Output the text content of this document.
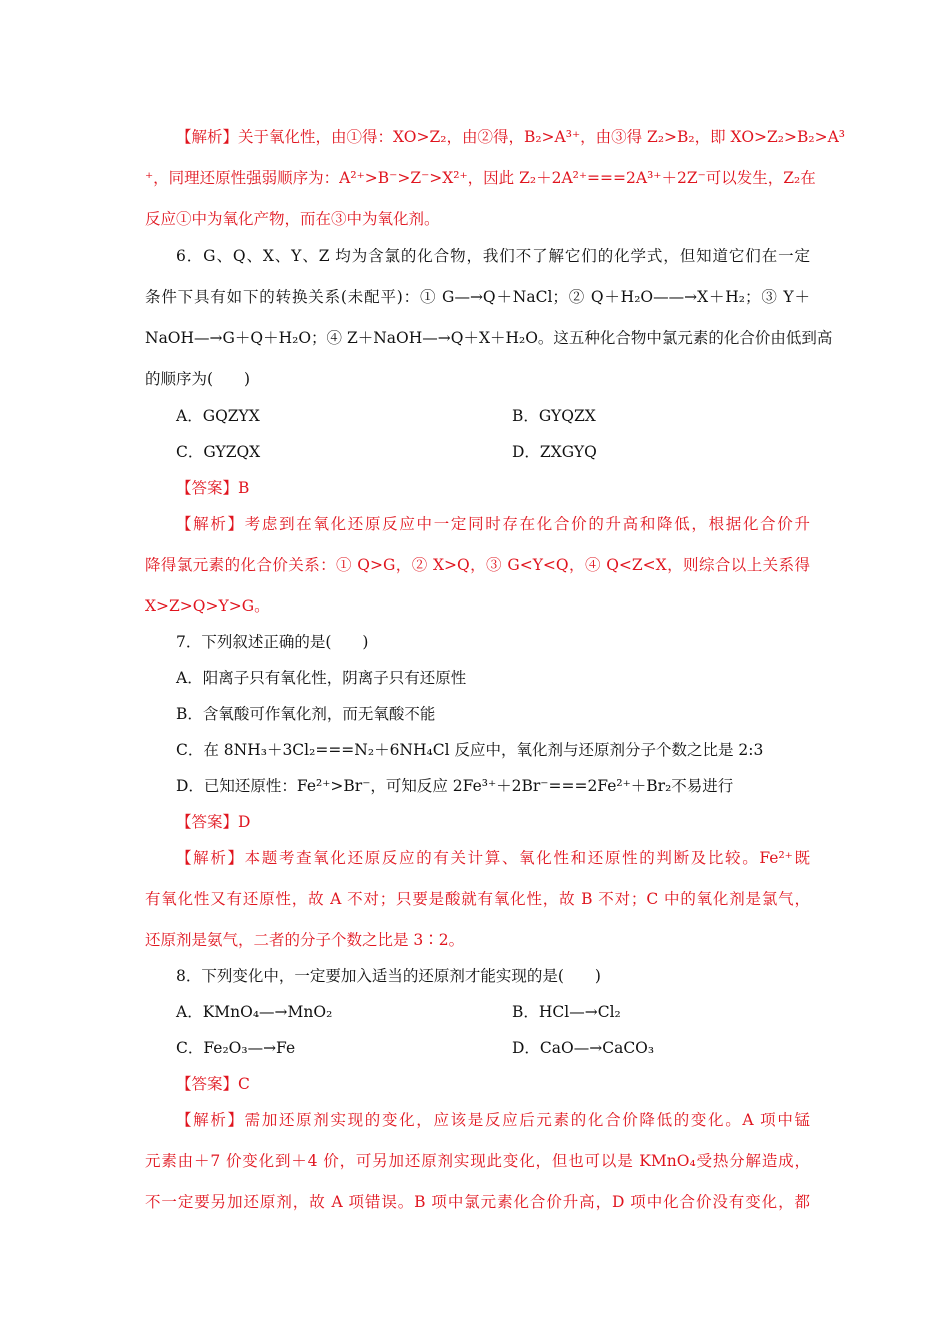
【解析】关于氧化性，由①得：XO>Z₂，由②得，B₂>A³⁺，由③得 Z₂>B₂，即 XO>Z₂>B₂>A³
⁺，同理还原性强弱顺序为：A²⁺>B⁻>Z⁻>X²⁺，因此 Z₂＋2A²⁺===2A³⁺＋2Z⁻可以发生，Z₂在
反应①中为氧化产物，而在③中为氧化剂。
6．G、Q、X、Y、Z 均为含氯的化合物，我们不了解它们的化学式，但知道它们在一定
条件下具有如下的转换关系(未配平)：① G—→Q＋NaCl；② Q＋H₂O——→X＋H₂；③ Y＋
NaOH—→G＋Q＋H₂O；④ Z＋NaOH—→Q＋X＋H₂O。这五种化合物中氯元素的化合价由低到高
的顺序为(　　)
A．GQZYX	B．GYQZX
C．GYZQX	D．ZXGYQ
【答案】B
【解析】考虑到在氧化还原反应中一定同时存在化合价的升高和降低，根据化合价升
降得氯元素的化合价关系：① Q>G，② X>Q，③ G<Y<Q，④ Q<Z<X，则综合以上关系得
X>Z>Q>Y>G。
7．下列叙述正确的是(　　)
A．阳离子只有氧化性，阴离子只有还原性
B．含氧酸可作氧化剂，而无氧酸不能
C．在 8NH₃＋3Cl₂===N₂＋6NH₄Cl 反应中，氧化剂与还原剂分子个数之比是 2:3
D．已知还原性：Fe²⁺>Br⁻，可知反应 2Fe³⁺＋2Br⁻===2Fe²⁺＋Br₂不易进行
【答案】D
【解析】本题考查氧化还原反应的有关计算、氧化性和还原性的判断及比较。Fe²⁺既
有氧化性又有还原性，故 A 不对；只要是酸就有氧化性，故 B 不对；C 中的氧化剂是氯气，
还原剂是氨气，二者的分子个数之比是 3∶2。
8．下列变化中，一定要加入适当的还原剂才能实现的是(　　)
A．KMnO₄—→MnO₂	B．HCl—→Cl₂
C．Fe₂O₃—→Fe	D．CaO—→CaCO₃
【答案】C
【解析】需加还原剂实现的变化，应该是反应后元素的化合价降低的变化。A 项中锰
元素由＋7 价变化到＋4 价，可另加还原剂实现此变化，但也可以是 KMnO₄受热分解造成，
不一定要另加还原剂，故 A 项错误。B 项中氯元素化合价升高，D 项中化合价没有变化，都
